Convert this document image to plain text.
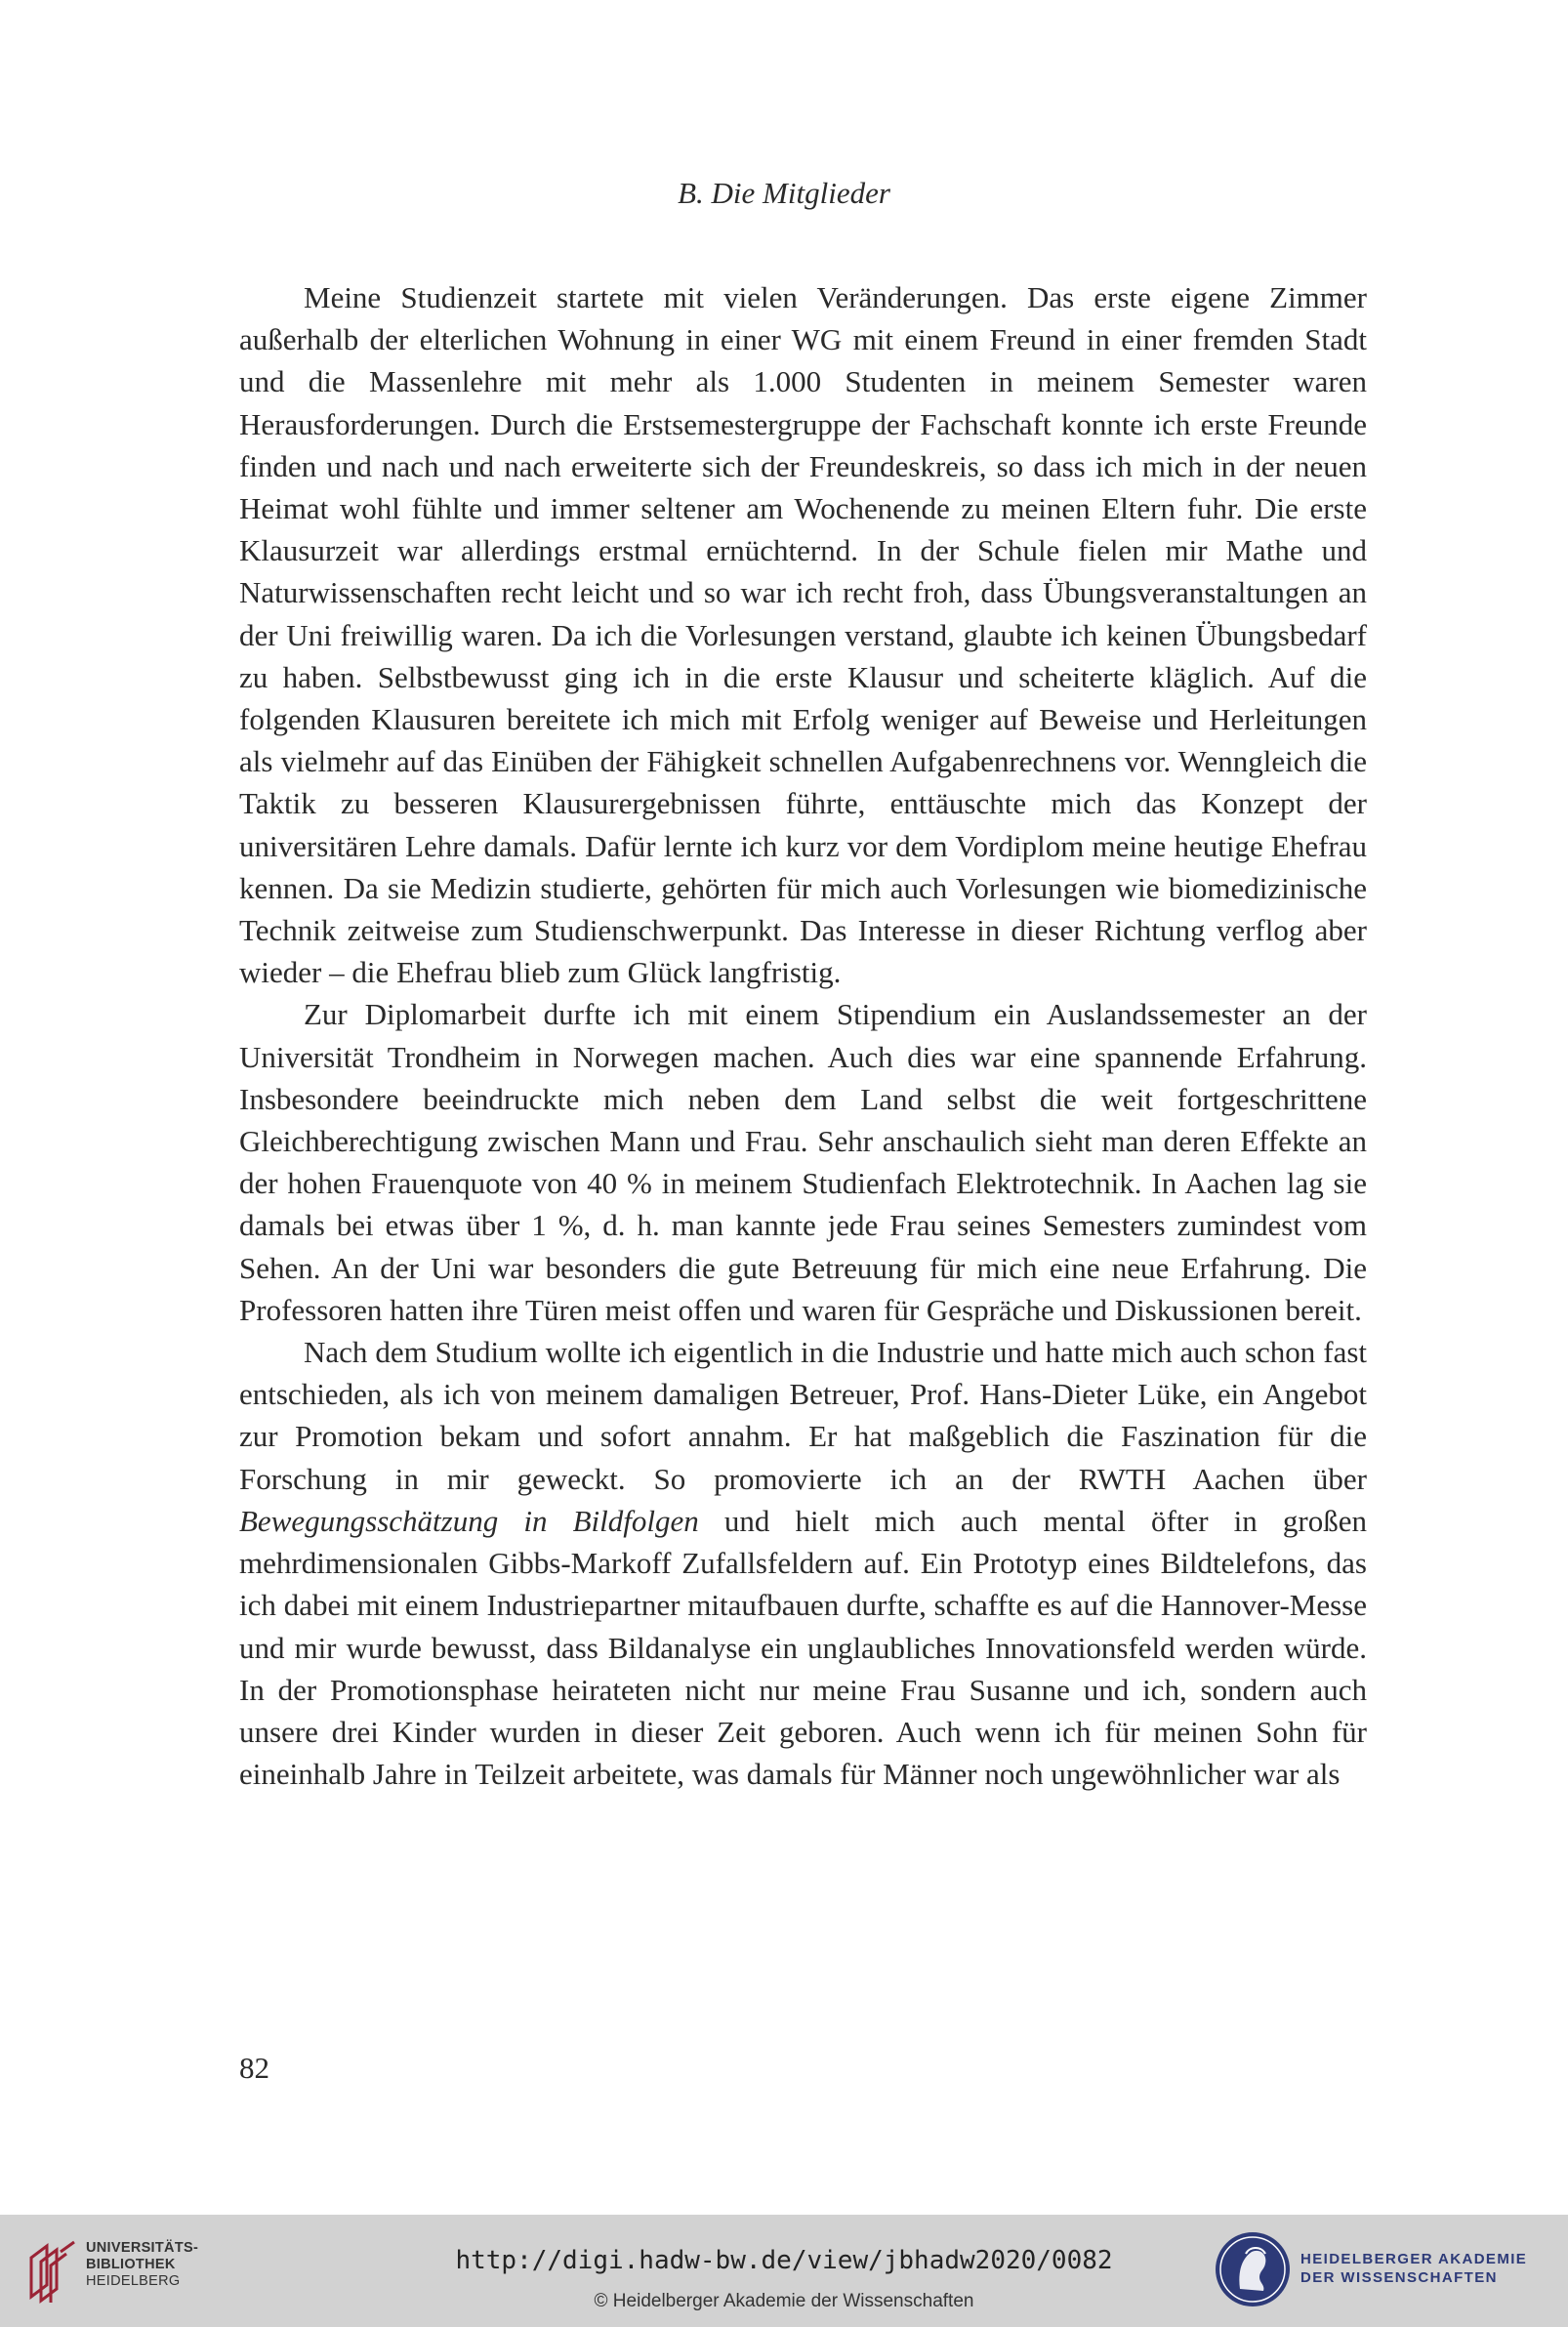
B. Die Mitglieder

Meine Studienzeit startete mit vielen Veränderungen. Das erste eigene Zimmer außerhalb der elterlichen Wohnung in einer WG mit einem Freund in einer fremden Stadt und die Massenlehre mit mehr als 1.000 Studenten in meinem Semester waren Herausforderungen. Durch die Erstsemestergruppe der Fachschaft konnte ich erste Freunde finden und nach und nach erweiterte sich der Freundeskreis, so dass ich mich in der neuen Heimat wohl fühlte und immer seltener am Wochenende zu meinen Eltern fuhr. Die erste Klausurzeit war allerdings erstmal ernüchternd. In der Schule fielen mir Mathe und Naturwissenschaften recht leicht und so war ich recht froh, dass Übungsveranstaltungen an der Uni freiwillig waren. Da ich die Vorlesungen verstand, glaubte ich keinen Übungsbedarf zu haben. Selbstbewusst ging ich in die erste Klausur und scheiterte kläglich. Auf die folgenden Klausuren bereitete ich mich mit Erfolg weniger auf Beweise und Herleitungen als vielmehr auf das Einüben der Fähigkeit schnellen Aufgabenrechnens vor. Wenngleich die Taktik zu besseren Klausurergebnissen führte, enttäuschte mich das Konzept der universitären Lehre damals. Dafür lernte ich kurz vor dem Vordiplom meine heutige Ehefrau kennen. Da sie Medizin studierte, gehörten für mich auch Vorlesungen wie biomedizinische Technik zeitweise zum Studienschwerpunkt. Das Interesse in dieser Richtung verflog aber wieder – die Ehefrau blieb zum Glück langfristig.

Zur Diplomarbeit durfte ich mit einem Stipendium ein Auslandssemester an der Universität Trondheim in Norwegen machen. Auch dies war eine spannende Erfahrung. Insbesondere beeindruckte mich neben dem Land selbst die weit fortgeschrittene Gleichberechtigung zwischen Mann und Frau. Sehr anschaulich sieht man deren Effekte an der hohen Frauenquote von 40 % in meinem Studienfach Elektrotechnik. In Aachen lag sie damals bei etwas über 1 %, d. h. man kannte jede Frau seines Semesters zumindest vom Sehen. An der Uni war besonders die gute Betreuung für mich eine neue Erfahrung. Die Professoren hatten ihre Türen meist offen und waren für Gespräche und Diskussionen bereit.

Nach dem Studium wollte ich eigentlich in die Industrie und hatte mich auch schon fast entschieden, als ich von meinem damaligen Betreuer, Prof. Hans-Dieter Lüke, ein Angebot zur Promotion bekam und sofort annahm. Er hat maßgeblich die Faszination für die Forschung in mir geweckt. So promovierte ich an der RWTH Aachen über Bewegungsschätzung in Bildfolgen und hielt mich auch mental öfter in großen mehrdimensionalen Gibbs-Markoff Zufallsfeldern auf. Ein Prototyp eines Bildtelefons, das ich dabei mit einem Industriepartner mitaufbauen durfte, schaffte es auf die Hannover-Messe und mir wurde bewusst, dass Bildanalyse ein unglaubliches Innovationsfeld werden würde. In der Promotionsphase heirateten nicht nur meine Frau Susanne und ich, sondern auch unsere drei Kinder wurden in dieser Zeit geboren. Auch wenn ich für meinen Sohn für eineinhalb Jahre in Teilzeit arbeitete, was damals für Männer noch ungewöhnlicher war als

82
UNIVERSITÄTS-
BIBLIOTHEK
HEIDELBERG
http://digi.hadw-bw.de/view/jbhadw2020/0082
© Heidelberger Akademie der Wissenschaften
HEIDELBERGER AKADEMIE
DER WISSENSCHAFTEN
